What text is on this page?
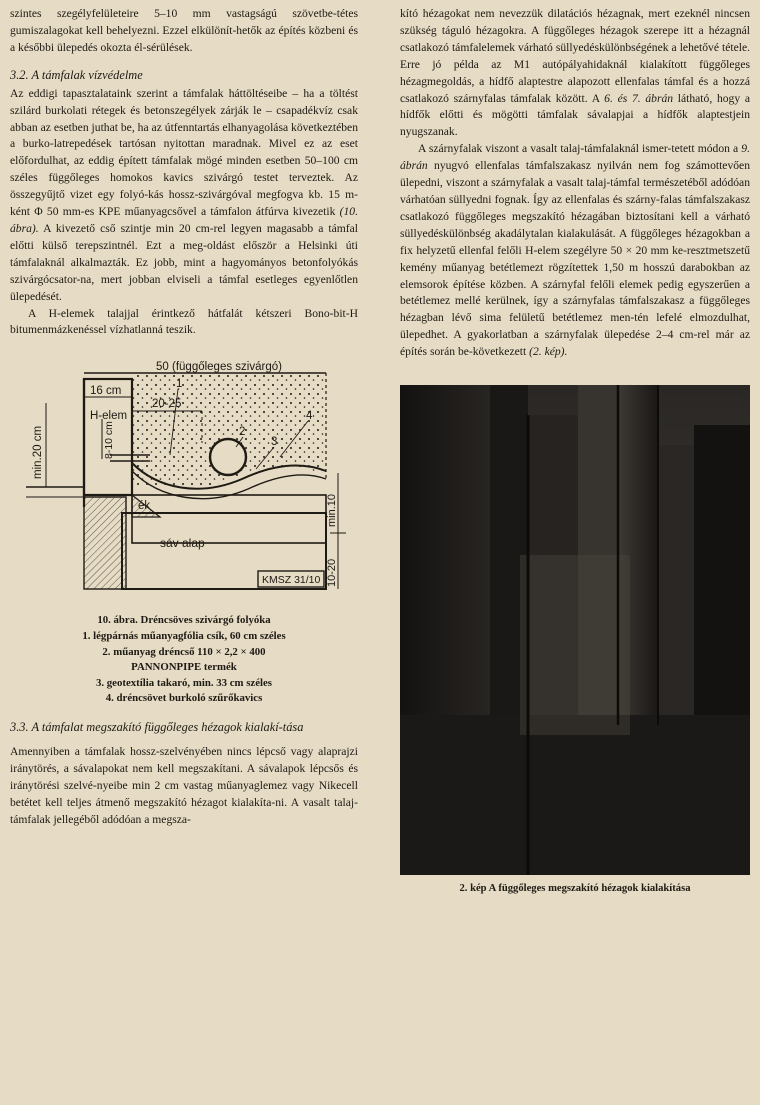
szintes szegélyfelületeire 5–10 mm vastagságú szövetbe-tétes gumiszalagokat kell behelyezni. Ezzel elkülönít-hetők az építés közbeni és a későbbi ülepedés okozta él-sérülések.

3.2. A támfalak vízvédelme

Az eddigi tapasztalataink szerint a támfalak háttöltéseibe – ha a töltést szilárd burkolati rétegek és betonszegélyek zárják le – csapadékvíz csak abban az esetben juthat be, ha az útfenntartás elhanyagolása következtében a burko-latrepedések tartósan nyitottan maradnak. Mivel ez az eset előfordulhat, az eddig épített támfalak mögé minden esetben 50–100 cm széles függőleges homokos kavics szivárgó testet terveztek. Az összegyűjtő vizet egy folyó-kás hossz-szivárgóval megfogva kb. 15 m-ként Φ 50 mm-es KPE műanyagcsővel a támfalon átfúrva kivezetik (10. ábra). A kivezető cső szintje min 20 cm-rel legyen magasabb a támfal előtti külső terepszintnél. Ezt a meg-oldást először a Helsinki úti támfalaknál alkalmazták. Ez jobb, mint a hagyományos betonfolyókás szivárgócsator-na, mert jobban elviseli a támfal esetleges egyenlőtlen ülepedését.

A H-elemek talajjal érintkező hátfalát kétszeri Bono-bit-H bitumenmázkenéssel vízhatlanná teszik.

50 (függőleges szivárgó)
16 cm
20-25
H-elem
min.20 cm	8-10 cm
1
2
3
4
min.10
10-20
ék
sáv alap
KMSZ 31/10
10. ábra. Dréncsöves szivárgó folyóka
1. légpárnás műanyagfólia csík, 60 cm széles
2. műanyag dréncső 110 × 2,2 × 400
PANNONPIPE termék
3. geotextília takaró, min. 33 cm széles
4. dréncsövet burkoló szűrőkavics
3.3. A támfalat megszakító függőleges hézagok kialakí-tása

Amennyiben a támfalak hossz-szelvényében nincs lépcső vagy alaprajzi iránytörés, a sávalapokat nem kell megszakítani. A sávalapok lépcsős és iránytörési szelvé-nyeibe min 2 cm vastag műanyaglemez vagy Nikecell betétet kell teljes átmenő megszakító hézagot kialakíta-ni. A vasalt talaj-támfalak jellegéből adódóan a megsza-

kító hézagokat nem nevezzük dilatációs hézagnak, mert ezeknél nincsen szükség táguló hézagokra. A függőleges hézagok szerepe itt a hézagnál csatlakozó támfalelemek várható süllyedéskülönbségének a lehetővé tétele. Erre jó példa az M1 autópályahidaknál kialakított függőleges hézagmegoldás, a hídfő alaptestre alapozott ellenfalas támfal és a hozzá csatlakozó szárnyfalas támfalak között. A 6. és 7. ábrán látható, hogy a hídfők előtti és mögötti támfalak sávalapjai a hídfők alaptestjein nyugszanak.

A szárnyfalak viszont a vasalt talaj-támfalaknál ismer-tetett módon a 9. ábrán nyugvó ellenfalas támfalszakasz nyilván nem fog számottevően ülepedni, viszont a szárnyfalak a vasalt talaj-támfal természetéből adódóan várhatóan süllyedni fognak. Így az ellenfalas és szárny-falas támfalszakasz csatlakozó függőleges megszakító hézagában biztosítani kell a várható süllyedéskülönbség akadálytalan kialakulását. A függőleges hézagokban a fix helyzetű ellenfal felőli H-elem szegélyre 50 × 20 mm ke-resztmetszetű kemény műanyag betétlemezt rögzítettek 1,50 m hosszú darabokban az elemsorok építése közben. A szárnyfal felőli elemek pedig egyszerűen a betétlemez mellé kerülnek, így a szárnyfalas támfalszakasz a függőleges hézagban lévő sima felületű betétlemez men-tén lefelé elmozdulhat, ülepedhet. A gyakorlatban a szárnyfalak ülepedése 2–4 cm-rel már az építés során be-következett (2. kép).

2. kép A függőleges megszakító hézagok kialakítása
